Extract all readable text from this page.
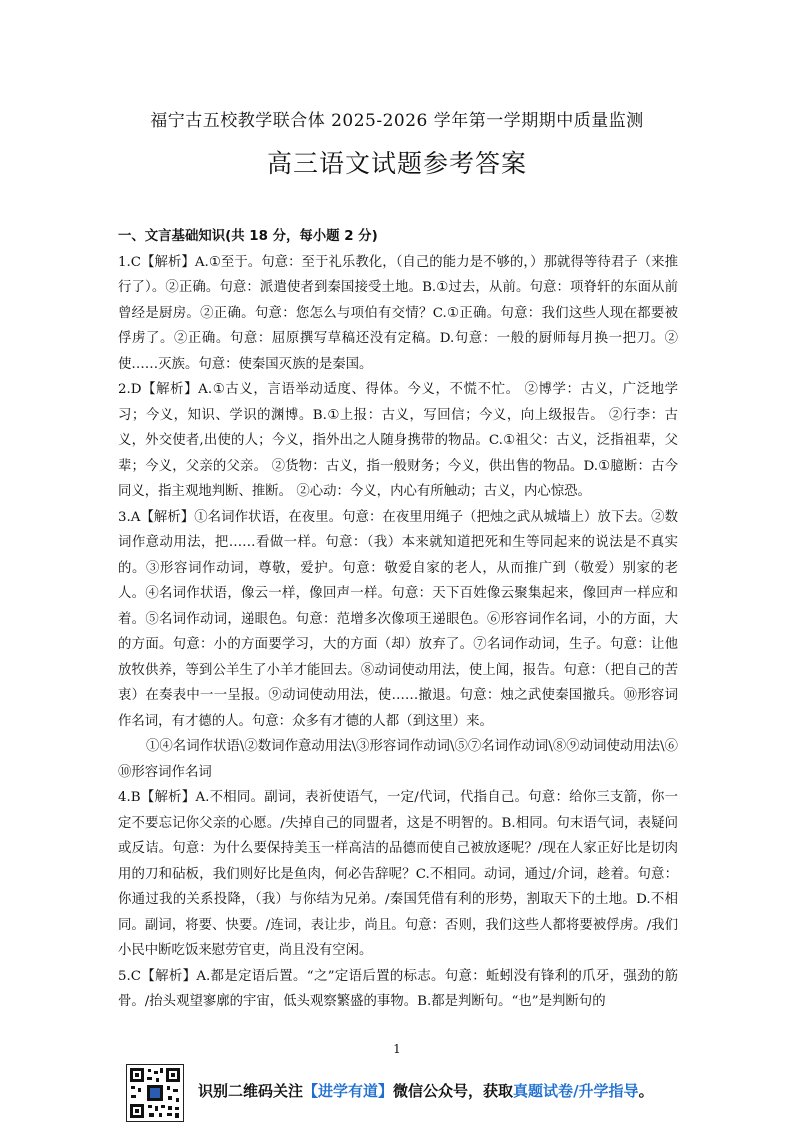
福宁古五校教学联合体 2025-2026 学年第一学期期中质量监测
高三语文试题参考答案
一、文言基础知识(共 18 分，每小题 2 分)

1.C【解析】A.①至于。句意：至于礼乐教化，（自己的能力是不够的，）那就得等待君子（来推行了）。②正确。句意：派遣使者到秦国接受土地。B.①过去，从前。句意：项脊轩的东面从前曾经是厨房。②正确。句意：您怎么与项伯有交情？C.①正确。句意：我们这些人现在都要被俘虏了。②正确。句意：屈原撰写草稿还没有定稿。D.句意：一般的厨师每月换一把刀。②使……灭族。句意：使秦国灭族的是秦国。

2.D【解析】A.①古义，言语举动适度、得体。今义，不慌不忙。 ②博学：古义，广泛地学习；今义，知识、学识的渊博。B.①上报：古义，写回信；今义，向上级报告。 ②行李：古义，外交使者,出使的人；今义，指外出之人随身携带的物品。C.①祖父：古义，泛指祖辈，父辈；今义，父亲的父亲。 ②货物：古义，指一般财务；今义，供出售的物品。D.①臆断：古今同义，指主观地判断、推断。 ②心动：今义，内心有所触动；古义，内心惊恐。

3.A【解析】①名词作状语，在夜里。句意：在夜里用绳子（把烛之武从城墙上）放下去。②数词作意动用法，把……看做一样。句意：（我）本来就知道把死和生等同起来的说法是不真实的。③形容词作动词，尊敬，爱护。句意：敬爱自家的老人，从而推广到（敬爱）别家的老人。④名词作状语，像云一样，像回声一样。句意：天下百姓像云聚集起来，像回声一样应和着。⑤名词作动词，递眼色。句意：范增多次像项王递眼色。⑥形容词作名词，小的方面，大的方面。句意：小的方面要学习，大的方面（却）放弃了。⑦名词作动词，生子。句意：让他放牧供养，等到公羊生了小羊才能回去。⑧动词使动用法，使上闻，报告。句意：（把自己的苦衷）在奏表中一一呈报。⑨动词使动用法，使……撤退。句意：烛之武使秦国撤兵。⑩形容词作名词，有才德的人。句意：众多有才德的人都（到这里）来。

①④名词作状语\②数词作意动用法\③形容词作动词\⑤⑦名词作动词\⑧⑨动词使动用法\⑥⑩形容词作名词

4.B【解析】A.不相同。副词，表祈使语气，一定/代词，代指自己。句意：给你三支箭，你一定不要忘记你父亲的心愿。/失掉自己的同盟者，这是不明智的。B.相同。句末语气词，表疑问或反诘。句意：为什么要保持美玉一样高洁的品德而使自己被放逐呢？/现在人家正好比是切肉用的刀和砧板，我们则好比是鱼肉，何必告辞呢？C.不相同。动词，通过/介词，趁着。句意：你通过我的关系投降，（我）与你结为兄弟。/秦国凭借有利的形势，割取天下的土地。D.不相同。副词，将要、快要。/连词，表让步，尚且。句意：否则，我们这些人都将要被俘虏。/我们小民中断吃饭来慰劳官吏，尚且没有空闲。

5.C【解析】A.都是定语后置。“之”定语后置的标志。句意：蚯蚓没有锋利的爪牙，强劲的筋骨。/抬头观望寥廓的宇宙，低头观察繁盛的事物。B.都是判断句。“也”是判断句的

1
识别二维码关注【进学有道】微信公众号，获取真题试卷/升学指导。
